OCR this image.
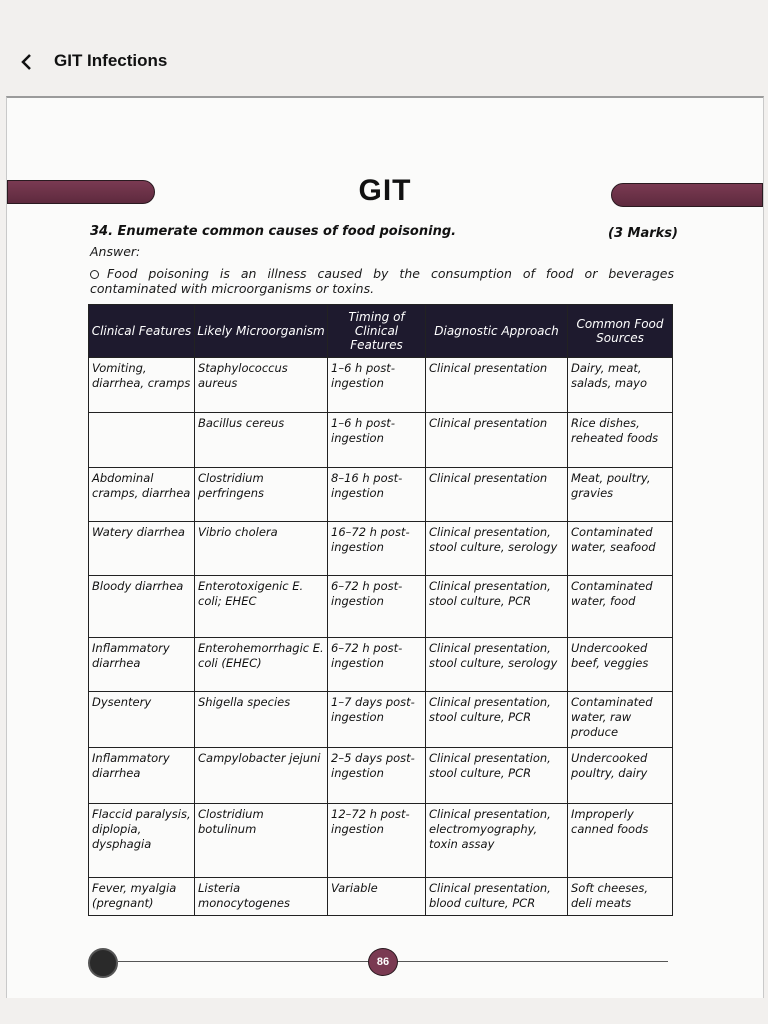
GIT Infections
GIT
34. Enumerate common causes of food poisoning.	(3 Marks)
Answer:
Food poisoning is an illness caused by the consumption of food or beverages contaminated with microorganisms or toxins.
Clinical Features	Likely Microorganism	Timing of Clinical Features	Diagnostic Approach	Common Food Sources
Vomiting, diarrhea, cramps	Staphylococcus aureus	1–6 h post-ingestion	Clinical presentation	Dairy, meat, salads, mayo
	Bacillus cereus	1–6 h post-ingestion	Clinical presentation	Rice dishes, reheated foods
Abdominal cramps, diarrhea	Clostridium perfringens	8–16 h post-ingestion	Clinical presentation	Meat, poultry, gravies
Watery diarrhea	Vibrio cholera	16–72 h post-ingestion	Clinical presentation, stool culture, serology	Contaminated water, seafood
Bloody diarrhea	Enterotoxigenic E. coli; EHEC	6–72 h post-ingestion	Clinical presentation, stool culture, PCR	Contaminated water, food
Inflammatory diarrhea	Enterohemorrhagic E. coli (EHEC)	6–72 h post-ingestion	Clinical presentation, stool culture, serology	Undercooked beef, veggies
Dysentery	Shigella species	1–7 days post-ingestion	Clinical presentation, stool culture, PCR	Contaminated water, raw produce
Inflammatory diarrhea	Campylobacter jejuni	2–5 days post-ingestion	Clinical presentation, stool culture, PCR	Undercooked poultry, dairy
Flaccid paralysis, diplopia, dysphagia	Clostridium botulinum	12–72 h post-ingestion	Clinical presentation, electromyography, toxin assay	Improperly canned foods
Fever, myalgia (pregnant)	Listeria monocytogenes	Variable	Clinical presentation, blood culture, PCR	Soft cheeses, deli meats
86
